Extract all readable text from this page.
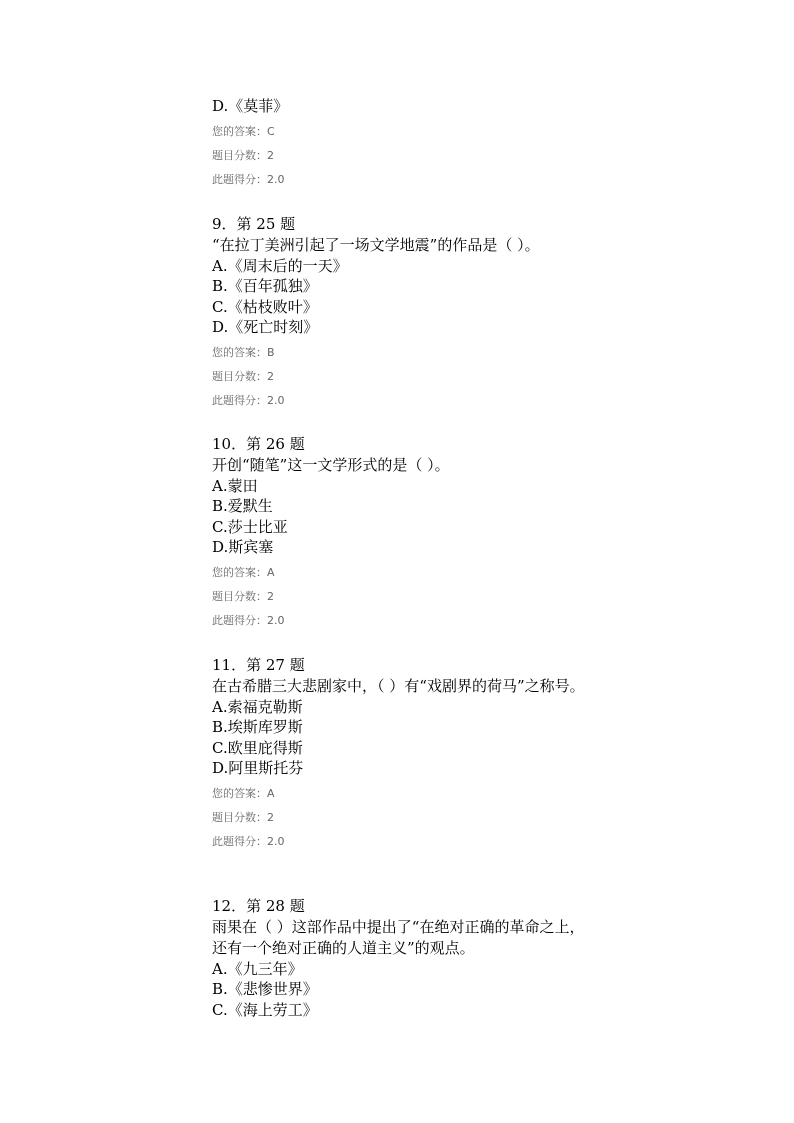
D.《莫菲》
您的答案：C
题目分数：2
此题得分：2.0
9．第 25 题
“在拉丁美洲引起了一场文学地震”的作品是（ ）。
A.《周末后的一天》
B.《百年孤独》
C.《枯枝败叶》
D.《死亡时刻》
您的答案：B
题目分数：2
此题得分：2.0
10．第 26 题
开创“随笔”这一文学形式的是（ ）。
A.蒙田
B.爱默生
C.莎士比亚
D.斯宾塞
您的答案：A
题目分数：2
此题得分：2.0
11．第 27 题
在古希腊三大悲剧家中，（ ）有“戏剧界的荷马”之称号。
A.索福克勒斯
B.埃斯库罗斯
C.欧里庇得斯
D.阿里斯托芬
您的答案：A
题目分数：2
此题得分：2.0
12．第 28 题
雨果在（ ）这部作品中提出了“在绝对正确的革命之上，还有一个绝对正确的人道主义”的观点。
A.《九三年》
B.《悲惨世界》
C.《海上劳工》
